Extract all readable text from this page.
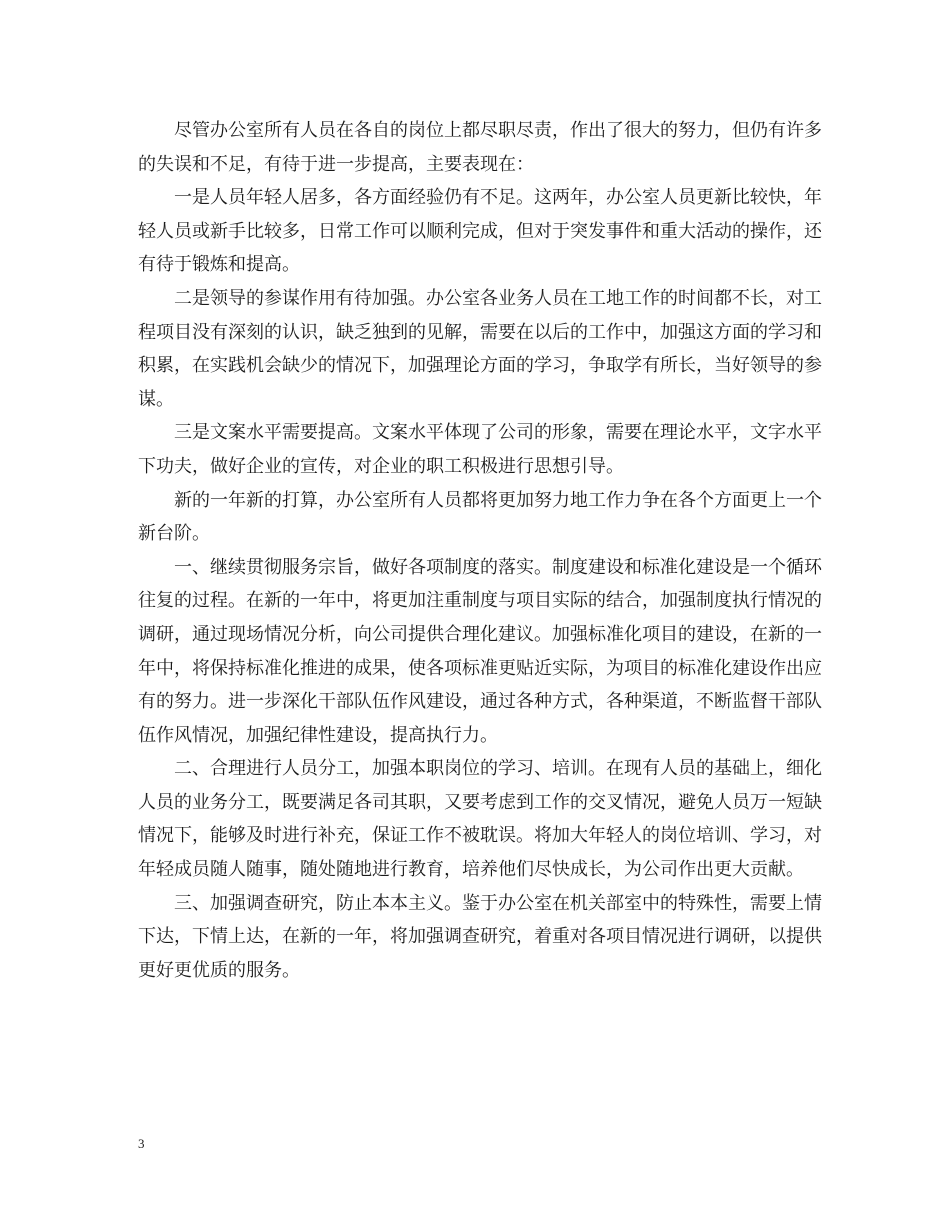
尽管办公室所有人员在各自的岗位上都尽职尽责，作出了很大的努力，但仍有许多的失误和不足，有待于进一步提高，主要表现在：

一是人员年轻人居多，各方面经验仍有不足。这两年，办公室人员更新比较快，年轻人员或新手比较多，日常工作可以顺利完成，但对于突发事件和重大活动的操作，还有待于锻炼和提高。

二是领导的参谋作用有待加强。办公室各业务人员在工地工作的时间都不长，对工程项目没有深刻的认识，缺乏独到的见解，需要在以后的工作中，加强这方面的学习和积累，在实践机会缺少的情况下，加强理论方面的学习，争取学有所长，当好领导的参谋。

三是文案水平需要提高。文案水平体现了公司的形象，需要在理论水平，文字水平下功夫，做好企业的宣传，对企业的职工积极进行思想引导。

新的一年新的打算，办公室所有人员都将更加努力地工作力争在各个方面更上一个新台阶。

一、继续贯彻服务宗旨，做好各项制度的落实。制度建设和标准化建设是一个循环往复的过程。在新的一年中，将更加注重制度与项目实际的结合，加强制度执行情况的调研，通过现场情况分析，向公司提供合理化建议。加强标准化项目的建设，在新的一年中，将保持标准化推进的成果，使各项标准更贴近实际，为项目的标准化建设作出应有的努力。进一步深化干部队伍作风建设，通过各种方式，各种渠道，不断监督干部队伍作风情况，加强纪律性建设，提高执行力。

二、合理进行人员分工，加强本职岗位的学习、培训。在现有人员的基础上，细化人员的业务分工，既要满足各司其职，又要考虑到工作的交叉情况，避免人员万一短缺情况下，能够及时进行补充，保证工作不被耽误。将加大年轻人的岗位培训、学习，对年轻成员随人随事，随处随地进行教育，培养他们尽快成长，为公司作出更大贡献。

三、加强调查研究，防止本本主义。鉴于办公室在机关部室中的特殊性，需要上情下达，下情上达，在新的一年，将加强调查研究，着重对各项目情况进行调研，以提供更好更优质的服务。

3
